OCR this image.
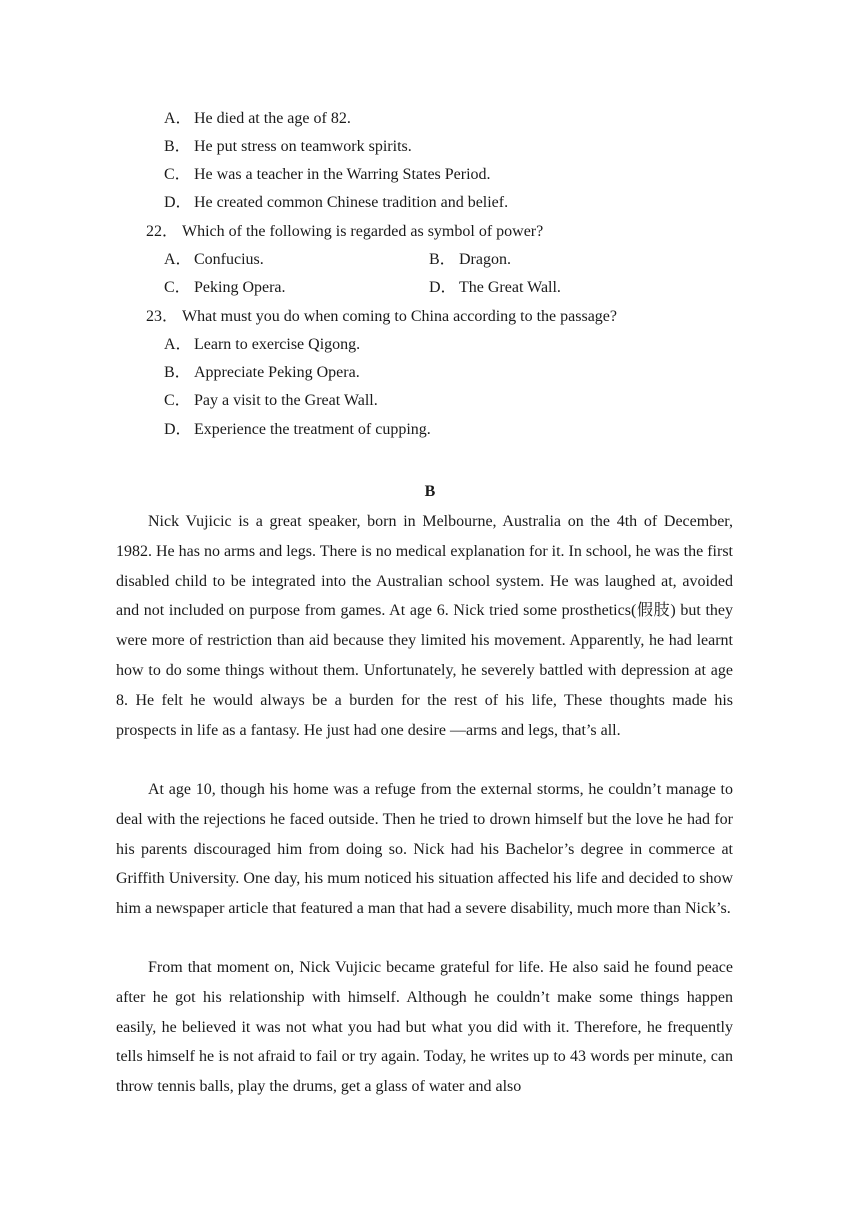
A． He died at the age of 82.
B． He put stress on teamwork spirits.
C． He was a teacher in the Warring States Period.
D． He created common Chinese tradition and belief.
22． Which of the following is regarded as symbol of power?
A． Confucius.	B． Dragon.
C． Peking Opera.	D． The Great Wall.
23． What must you do when coming to China according to the passage?
A． Learn to exercise Qigong.
B． Appreciate Peking Opera.
C． Pay a visit to the Great Wall.
D． Experience the treatment of cupping.
B

Nick Vujicic is a great speaker, born in Melbourne, Australia on the 4th of December, 1982. He has no arms and legs. There is no medical explanation for it. In school, he was the first disabled child to be integrated into the Australian school system. He was laughed at, avoided and not included on purpose from games. At age 6. Nick tried some prosthetics(假肢) but they were more of restriction than aid because they limited his movement. Apparently, he had learnt how to do some things without them. Unfortunately, he severely battled with depression at age 8. He felt he would always be a burden for the rest of his life, These thoughts made his prospects in life as a fantasy. He just had one desire —arms and legs, that’s all.

At age 10, though his home was a refuge from the external storms, he couldn’t manage to deal with the rejections he faced outside. Then he tried to drown himself but the love he had for his parents discouraged him from doing so. Nick had his Bachelor’s degree in commerce at Griffith University. One day, his mum noticed his situation affected his life and decided to show him a newspaper article that featured a man that had a severe disability, much more than Nick’s.

From that moment on, Nick Vujicic became grateful for life. He also said he found peace after he got his relationship with himself. Although he couldn’t make some things happen easily, he believed it was not what you had but what you did with it. Therefore, he frequently tells himself he is not afraid to fail or try again. Today, he writes up to 43 words per minute, can throw tennis balls, play the drums, get a glass of water and also
